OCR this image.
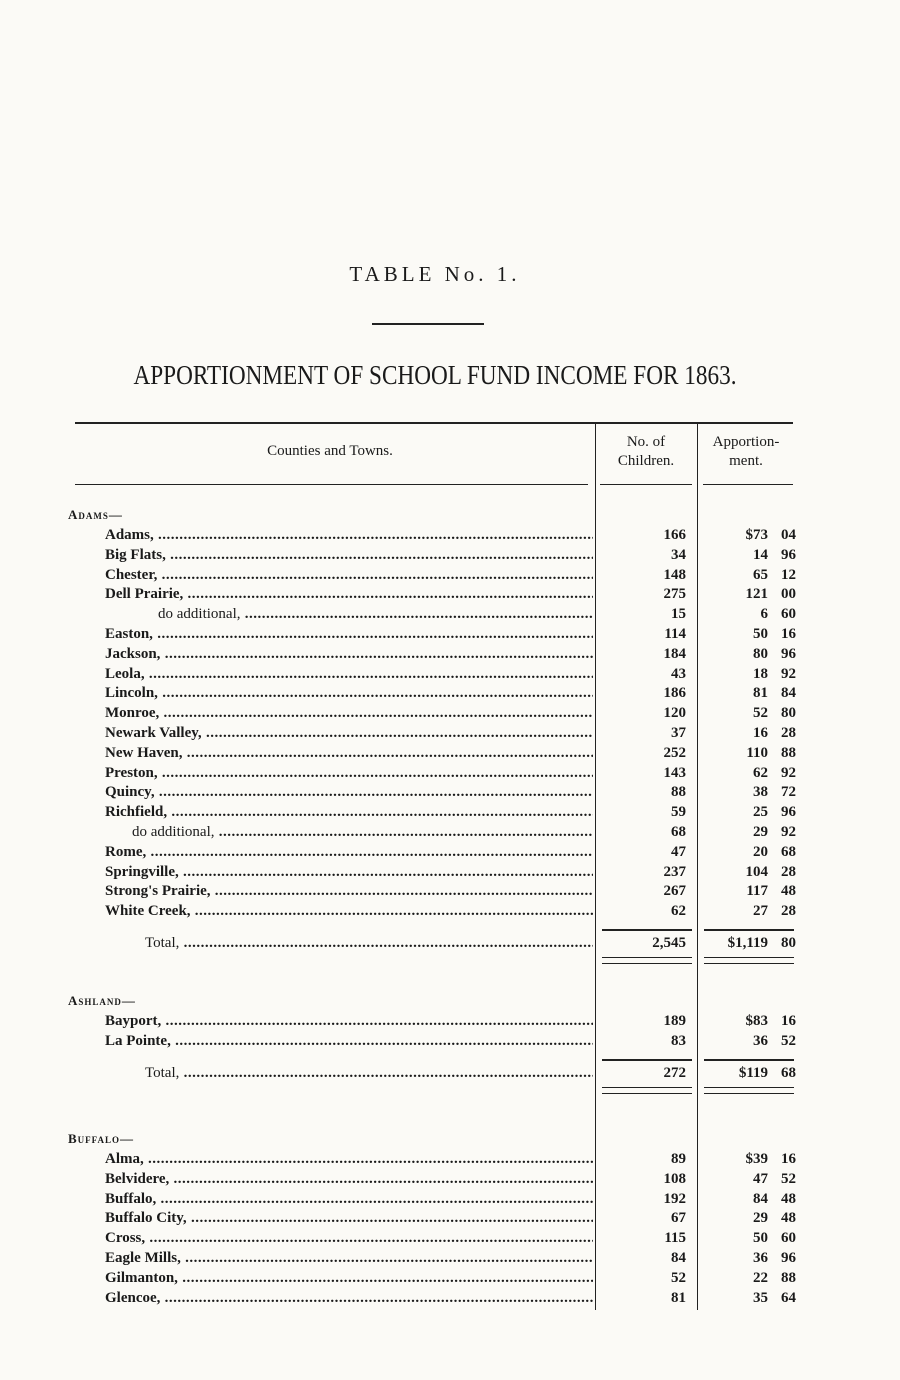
TABLE No. 1.
APPORTIONMENT OF SCHOOL FUND INCOME FOR 1863.
Counties and Towns.
No. of
Children.
Apportion-
ment.
Adams—
Adams, .....	166	$73 04
Big Flats, .....	34	14 96
Chester, .....	148	65 12
Dell Prairie, .....	275	121 00
do additional, .....	15	6 60
Easton, .....	114	50 16
Jackson, .....	184	80 96
Leola, .....	43	18 92
Lincoln, .....	186	81 84
Monroe, .....	120	52 80
Newark Valley, .....	37	16 28
New Haven, .....	252	110 88
Preston, .....	143	62 92
Quincy, .....	88	38 72
Richfield, .....	59	25 96
do additional, .....	68	29 92
Rome, .....	47	20 68
Springville, .....	237	104 28
Strong's Prairie, .....	267	117 48
White Creek, .....	62	27 28
Total, .....	2,545	$1,119 80
Ashland—
Bayport, .....	189	$83 16
La Pointe, .....	83	36 52
Total, .....	272	$119 68
Buffalo—
Alma, .....	89	$39 16
Belvidere, .....	108	47 52
Buffalo, .....	192	84 48
Buffalo City, .....	67	29 48
Cross, .....	115	50 60
Eagle Mills, .....	84	36 96
Gilmanton, .....	52	22 88
Glencoe, .....	81	35 64
